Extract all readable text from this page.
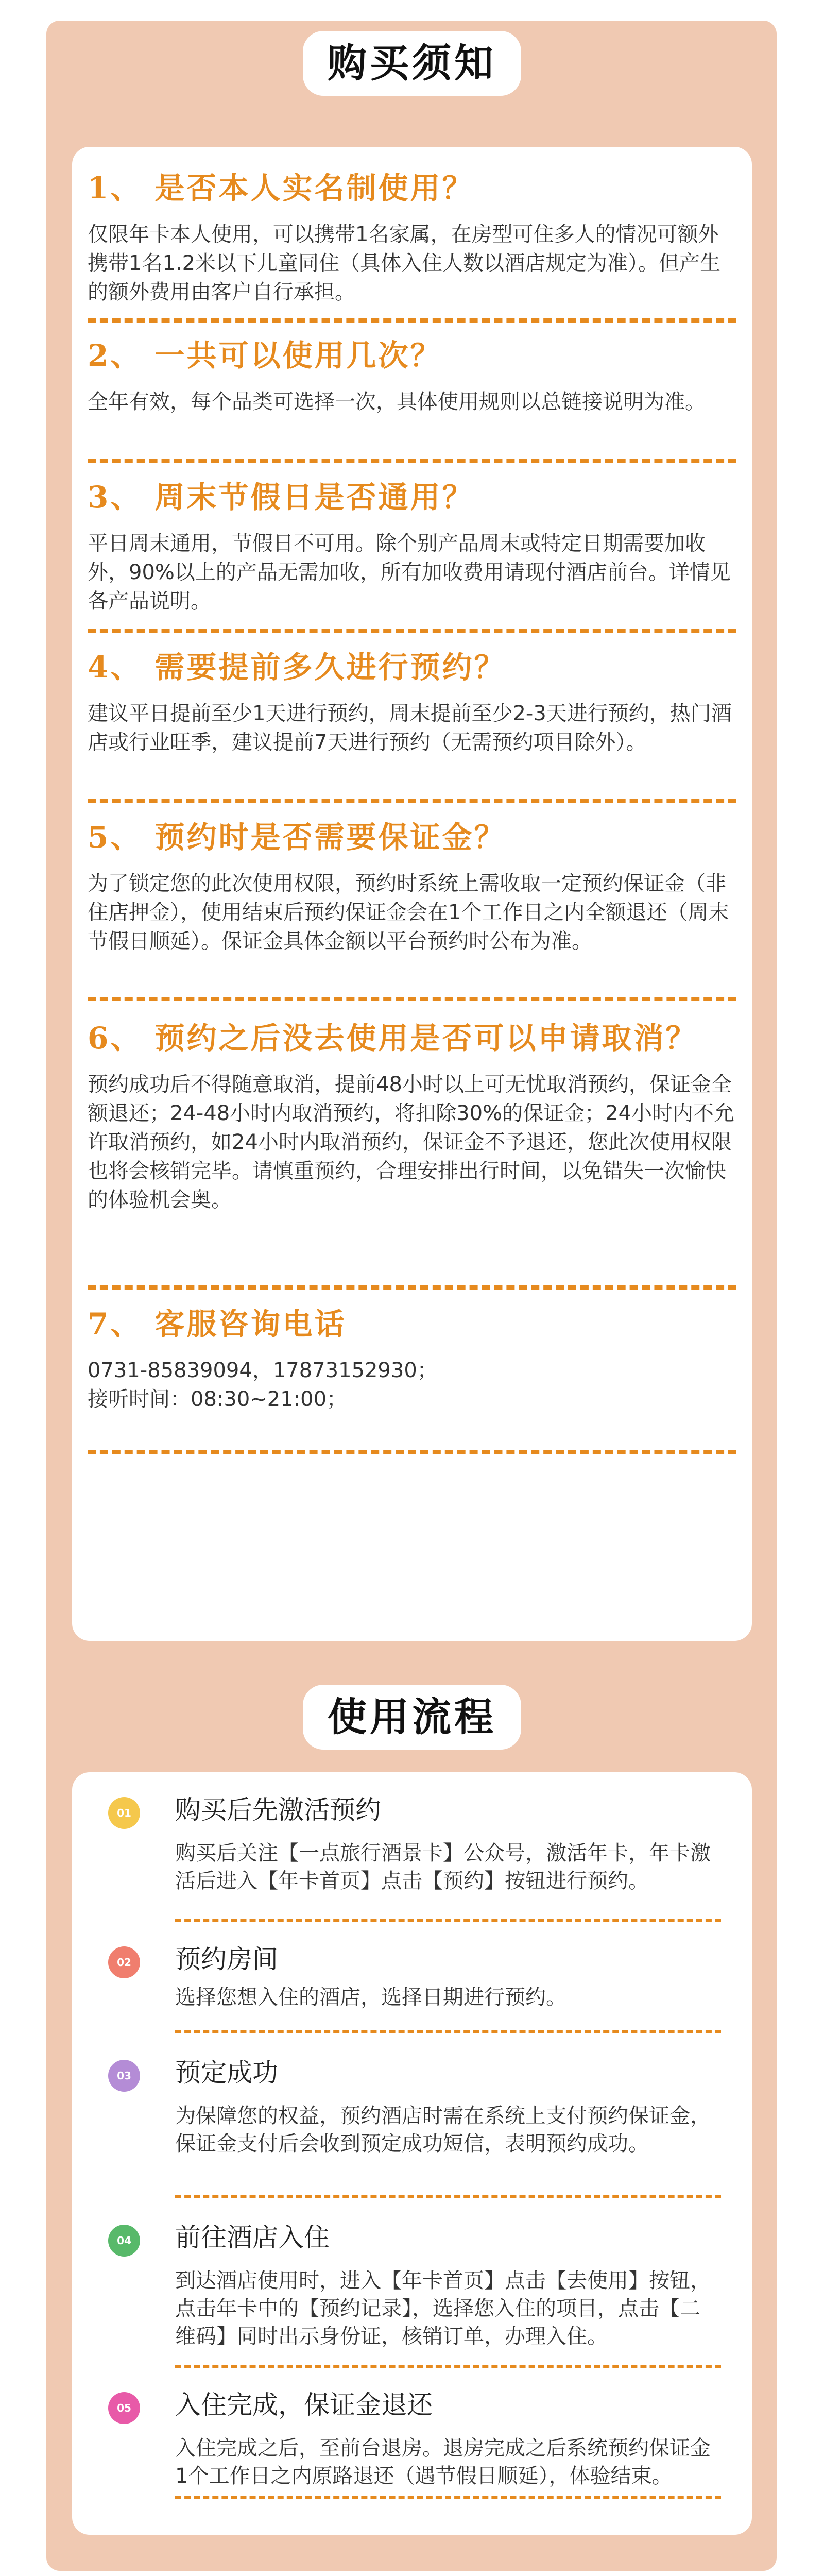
购买须知
1、 是否本人实名制使用？
仅限年卡本人使用，可以携带1名家属，在房型可住多人的情况可额外携带1名1.2米以下儿童同住（具体入住人数以酒店规定为准）。但产生的额外费用由客户自行承担。
2、 一共可以使用几次？
全年有效，每个品类可选择一次，具体使用规则以总链接说明为准。
3、 周末节假日是否通用？
平日周末通用，节假日不可用。除个别产品周末或特定日期需要加收外，90%以上的产品无需加收，所有加收费用请现付酒店前台。详情见各产品说明。
4、 需要提前多久进行预约？
建议平日提前至少1天进行预约，周末提前至少2-3天进行预约，热门酒店或行业旺季，建议提前7天进行预约（无需预约项目除外）。
5、 预约时是否需要保证金？
为了锁定您的此次使用权限，预约时系统上需收取一定预约保证金（非住店押金），使用结束后预约保证金会在1个工作日之内全额退还（周末节假日顺延）。保证金具体金额以平台预约时公布为准。
6、 预约之后没去使用是否可以申请取消？
预约成功后不得随意取消，提前48小时以上可无忧取消预约，保证金全额退还；24-48小时内取消预约，将扣除30%的保证金；24小时内不允许取消预约，如24小时内取消预约，保证金不予退还，您此次使用权限也将会核销完毕。请慎重预约，合理安排出行时间，以免错失一次愉快的体验机会奥。
7、 客服咨询电话
0731-85839094，17873152930；接听时间：08:30~21:00；
使用流程
01	购买后先激活预约
购买后关注【一点旅行酒景卡】公众号，激活年卡，年卡激活后进入【年卡首页】点击【预约】按钮进行预约。
02	预约房间
选择您想入住的酒店，选择日期进行预约。
03	预定成功
为保障您的权益，预约酒店时需在系统上支付预约保证金，保证金支付后会收到预定成功短信，表明预约成功。
04	前往酒店入住
到达酒店使用时，进入【年卡首页】点击【去使用】按钮，点击年卡中的【预约记录】，选择您入住的项目，点击【二维码】同时出示身份证，核销订单，办理入住。
05	入住完成，保证金退还
入住完成之后，至前台退房。退房完成之后系统预约保证金1个工作日之内原路退还（遇节假日顺延），体验结束。
